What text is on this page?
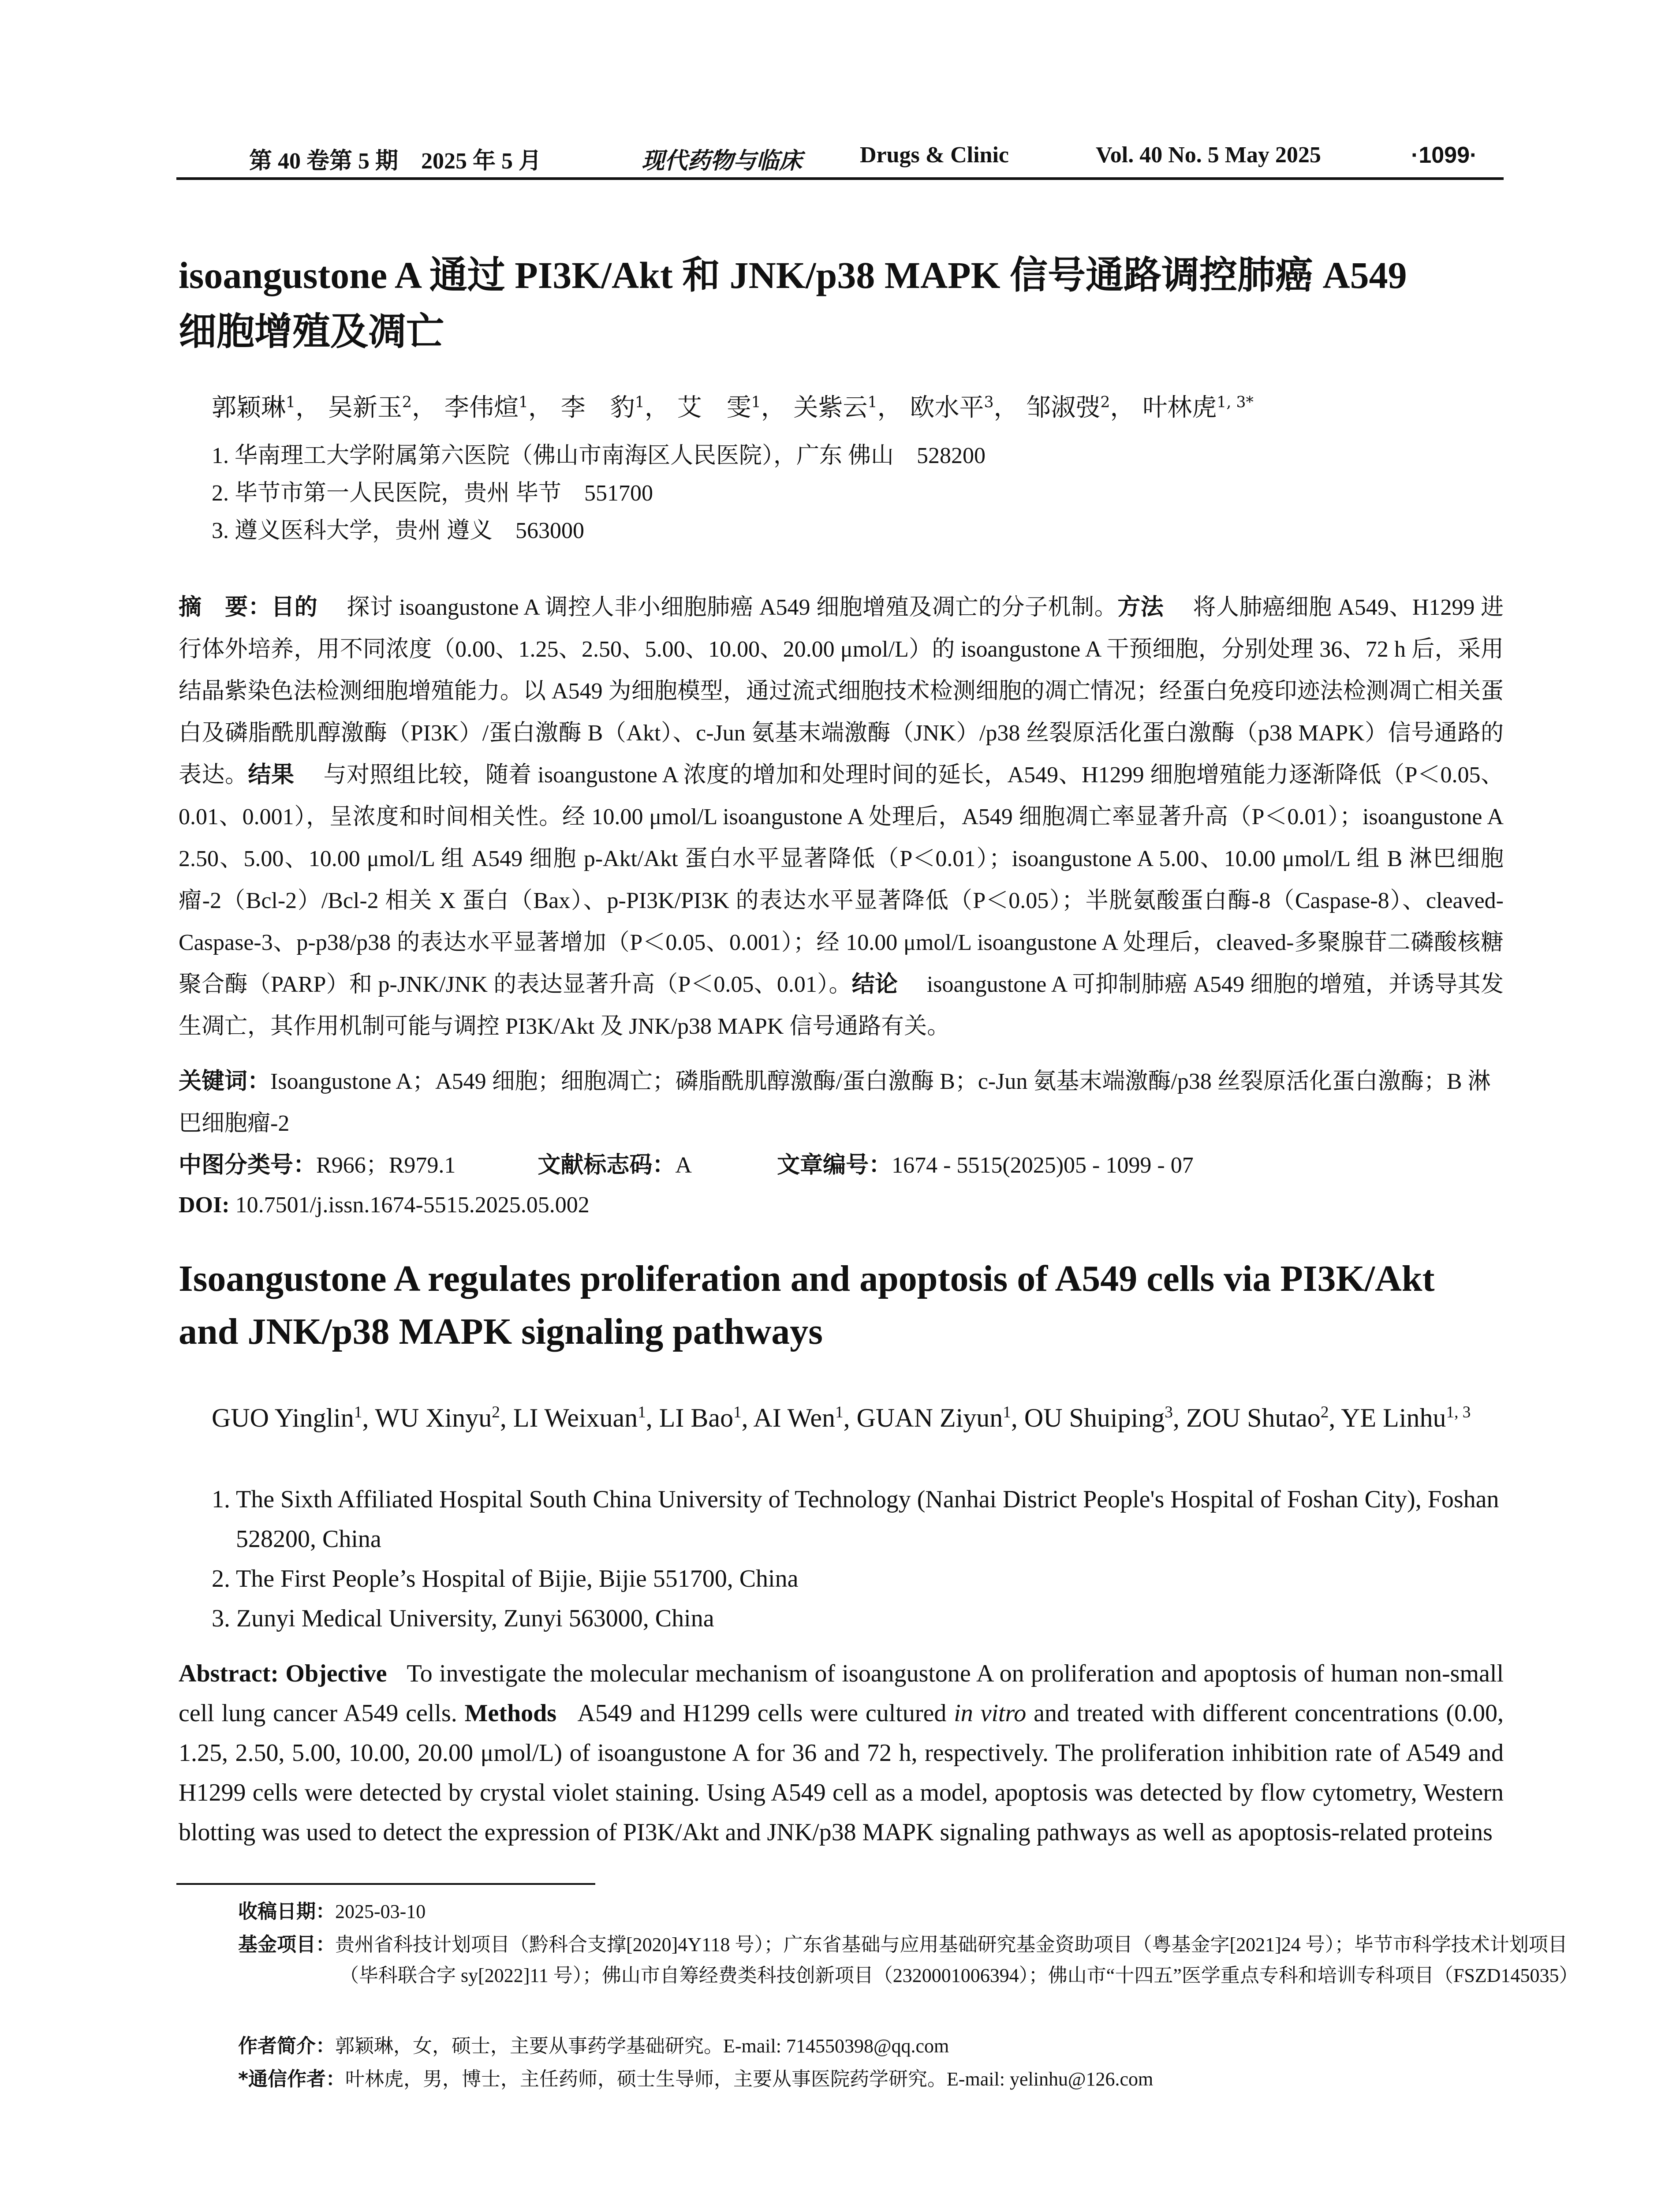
第 40 卷第 5 期　2025 年 5 月	现代药物与临床	Drugs & Clinic	Vol. 40 No. 5 May 2025	·1099·
isoangustone A 通过 PI3K/Akt 和 JNK/p38 MAPK 信号通路调控肺癌 A549
细胞增殖及凋亡
郭颖琳$^1$， 吴新玉$^2$， 李伟煊$^1$， 李　豹$^1$， 艾　雯$^1$， 关紫云$^1$， 欧水平$^3$， 邹淑弢$^2$， 叶林虎$^{1, 3*}$
1. 华南理工大学附属第六医院（佛山市南海区人民医院），广东 佛山　528200
2. 毕节市第一人民医院，贵州 毕节　551700
3. 遵义医科大学，贵州 遵义　563000
摘　要：目的　 探讨 isoangustone A 调控人非小细胞肺癌 A549 细胞增殖及凋亡的分子机制。方法　 将人肺癌细胞 A549、H1299 进行体外培养，用不同浓度（0.00、1.25、2.50、5.00、10.00、20.00 μmol/L）的 isoangustone A 干预细胞，分别处理 36、72 h 后，采用结晶紫染色法检测细胞增殖能力。以 A549 为细胞模型，通过流式细胞技术检测细胞的凋亡情况；经蛋白免疫印迹法检测凋亡相关蛋白及磷脂酰肌醇激酶（PI3K）/蛋白激酶 B（Akt）、c-Jun 氨基末端激酶（JNK）/p38 丝裂原活化蛋白激酶（p38 MAPK）信号通路的表达。结果　 与对照组比较，随着 isoangustone A 浓度的增加和处理时间的延长，A549、H1299 细胞增殖能力逐渐降低（P＜0.05、0.01、0.001），呈浓度和时间相关性。经 10.00 μmol/L isoangustone A 处理后，A549 细胞凋亡率显著升高（P＜0.01）；isoangustone A 2.50、5.00、10.00 μmol/L 组 A549 细胞 p-Akt/Akt 蛋白水平显著降低（P＜0.01）；isoangustone A 5.00、10.00 μmol/L 组 B 淋巴细胞瘤-2（Bcl-2）/Bcl-2 相关 X 蛋白（Bax）、p-PI3K/PI3K 的表达水平显著降低（P＜0.05）；半胱氨酸蛋白酶-8（Caspase-8）、cleaved-Caspase-3、p-p38/p38 的表达水平显著增加（P＜0.05、0.001）；经 10.00 μmol/L isoangustone A 处理后，cleaved-多聚腺苷二磷酸核糖聚合酶（PARP）和 p-JNK/JNK 的表达显著升高（P＜0.05、0.01）。结论　 isoangustone A 可抑制肺癌 A549 细胞的增殖，并诱导其发生凋亡，其作用机制可能与调控 PI3K/Akt 及 JNK/p38 MAPK 信号通路有关。
关键词：Isoangustone A；A549 细胞；细胞凋亡；磷脂酰肌醇激酶/蛋白激酶 B；c-Jun 氨基末端激酶/p38 丝裂原活化蛋白激酶；B 淋巴细胞瘤-2
中图分类号：R966；R979.1	文献标志码：A	文章编号：1674 - 5515(2025)05 - 1099 - 07
DOI: 10.7501/j.issn.1674-5515.2025.05.002
Isoangustone A regulates proliferation and apoptosis of A549 cells via PI3K/Akt
and JNK/p38 MAPK signaling pathways
GUO Yinglin$^1$, WU Xinyu$^2$, LI Weixuan$^1$, LI Bao$^1$, AI Wen$^1$, GUAN Ziyun$^1$, OU Shuiping$^3$, ZOU Shutao$^2$, YE Linhu$^{1, 3}$
1. The Sixth Affiliated Hospital South China University of Technology (Nanhai District People's Hospital of Foshan City), Foshan 528200, China
2. The First People’s Hospital of Bijie, Bijie 551700, China
3. Zunyi Medical University, Zunyi 563000, China
Abstract: Objective To investigate the molecular mechanism of isoangustone A on proliferation and apoptosis of human non-small cell lung cancer A549 cells. Methods A549 and H1299 cells were cultured in vitro and treated with different concentrations (0.00, 1.25, 2.50, 5.00, 10.00, 20.00 μmol/L) of isoangustone A for 36 and 72 h, respectively. The proliferation inhibition rate of A549 and H1299 cells were detected by crystal violet staining. Using A549 cell as a model, apoptosis was detected by flow cytometry, Western blotting was used to detect the expression of PI3K/Akt and JNK/p38 MAPK signaling pathways as well as apoptosis-related proteins
收稿日期：2025-03-10
基金项目：贵州省科技计划项目（黔科合支撑[2020]4Y118 号）；广东省基础与应用基础研究基金资助项目（粤基金字[2021]24 号）；毕节市科学技术计划项目（毕科联合字 sy[2022]11 号）；佛山市自筹经费类科技创新项目（2320001006394）；佛山市“十四五”医学重点专科和培训专科项目（FSZD145035）
作者简介：郭颖琳，女，硕士，主要从事药学基础研究。E-mail: 714550398@qq.com
*通信作者：叶林虎，男，博士，主任药师，硕士生导师，主要从事医院药学研究。E-mail: yelinhu@126.com
